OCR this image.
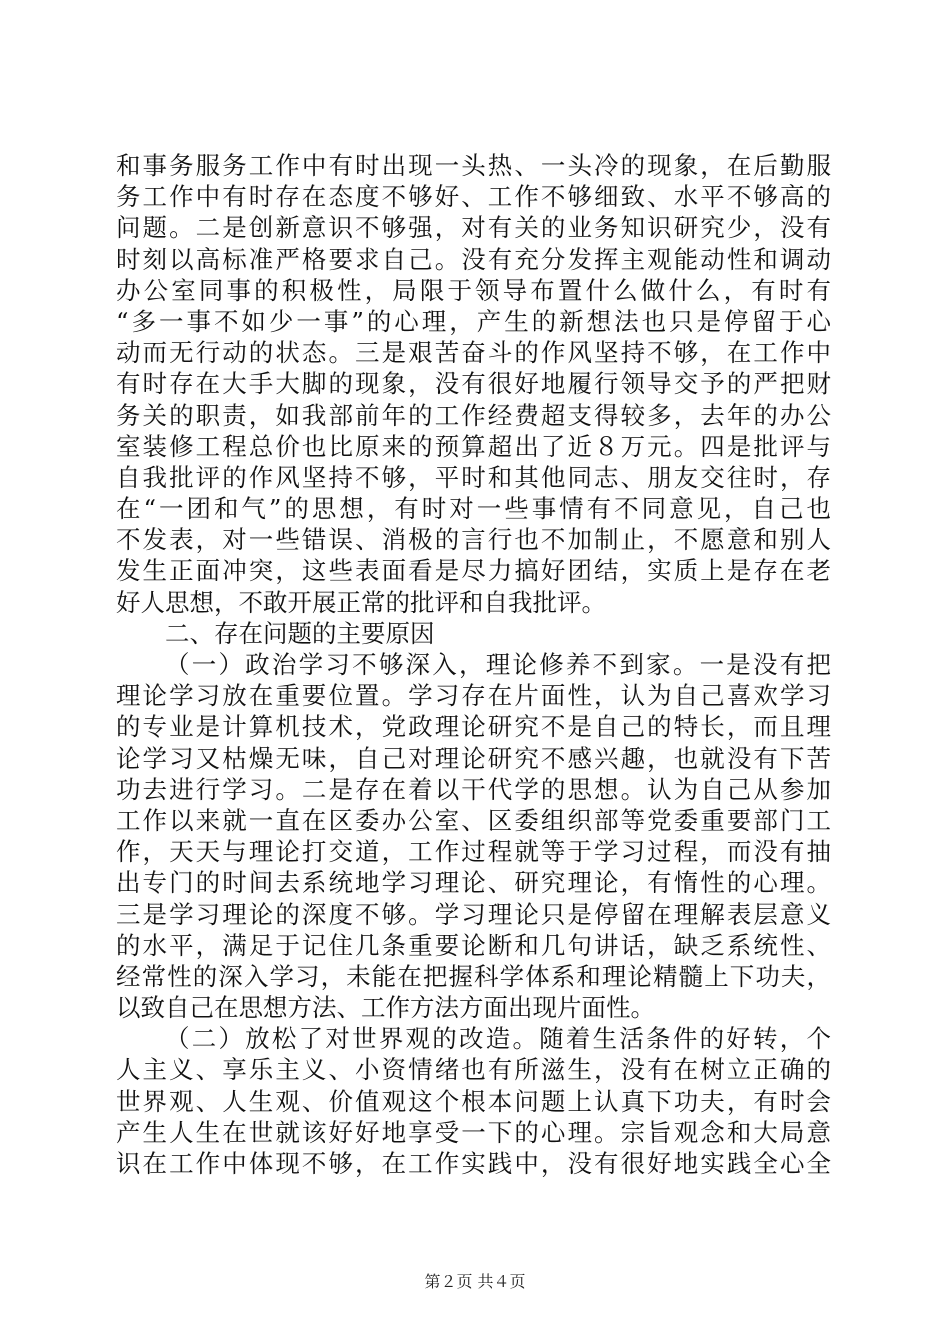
和事务服务工作中有时出现一头热、一头冷的现象，在后勤服
务工作中有时存在态度不够好、工作不够细致、水平不够高的
问题。二是创新意识不够强，对有关的业务知识研究少，没有
时刻以高标准严格要求自己。没有充分发挥主观能动性和调动
办公室同事的积极性，局限于领导布置什么做什么，有时有
“多一事不如少一事”的心理，产生的新想法也只是停留于心
动而无行动的状态。三是艰苦奋斗的作风坚持不够，在工作中
有时存在大手大脚的现象，没有很好地履行领导交予的严把财
务关的职责，如我部前年的工作经费超支得较多，去年的办公
室装修工程总价也比原来的预算超出了近８万元。四是批评与
自我批评的作风坚持不够，平时和其他同志、朋友交往时，存
在“一团和气”的思想，有时对一些事情有不同意见，自己也
不发表，对一些错误、消极的言行也不加制止，不愿意和别人
发生正面冲突，这些表面看是尽力搞好团结，实质上是存在老
好人思想，不敢开展正常的批评和自我批评。
二、存在问题的主要原因
（一）政治学习不够深入，理论修养不到家。一是没有把
理论学习放在重要位置。学习存在片面性，认为自己喜欢学习
的专业是计算机技术，党政理论研究不是自己的特长，而且理
论学习又枯燥无味，自己对理论研究不感兴趣，也就没有下苦
功去进行学习。二是存在着以干代学的思想。认为自己从参加
工作以来就一直在区委办公室、区委组织部等党委重要部门工
作，天天与理论打交道，工作过程就等于学习过程，而没有抽
出专门的时间去系统地学习理论、研究理论，有惰性的心理。
三是学习理论的深度不够。学习理论只是停留在理解表层意义
的水平，满足于记住几条重要论断和几句讲话，缺乏系统性、
经常性的深入学习，未能在把握科学体系和理论精髓上下功夫，
以致自己在思想方法、工作方法方面出现片面性。
（二）放松了对世界观的改造。随着生活条件的好转，个
人主义、享乐主义、小资情绪也有所滋生，没有在树立正确的
世界观、人生观、价值观这个根本问题上认真下功夫，有时会
产生人生在世就该好好地享受一下的心理。宗旨观念和大局意
识在工作中体现不够，在工作实践中，没有很好地实践全心全
第２页 共４页
